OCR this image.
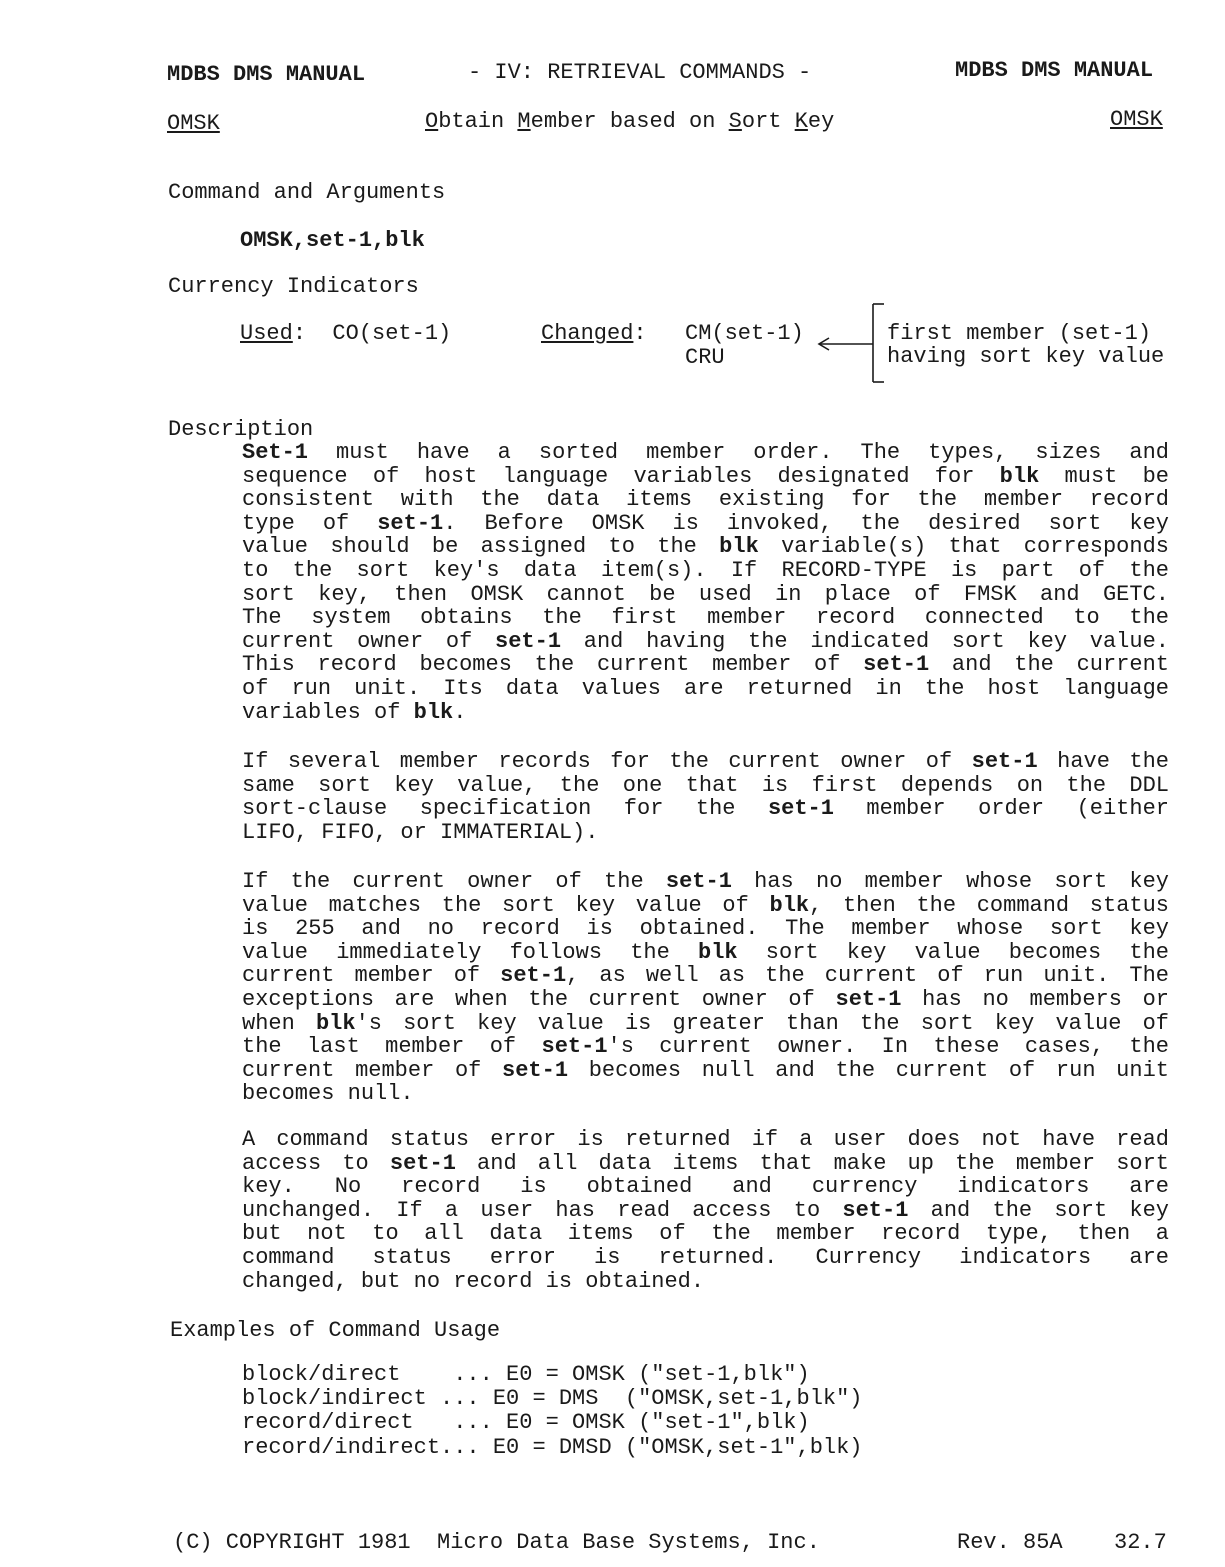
MDBS DMS MANUAL	- IV: RETRIEVAL COMMANDS -	MDBS DMS MANUAL
OMSK	Obtain Member based on Sort Key	OMSK
Command and Arguments
OMSK,set-1,blk
Currency Indicators
Used:  CO(set-1)	Changed: CM(set-1)
CRU
first member (set-1)
having sort key value
Description
Set-1 must have a sorted member order. The types, sizes and
sequence of host language variables designated for blk must be
consistent with the data items existing for the member record
type of set-1. Before OMSK is invoked, the desired sort key
value should be assigned to the blk variable(s) that corresponds
to the sort key's data item(s). If RECORD-TYPE is part of the
sort key, then OMSK cannot be used in place of FMSK and GETC.
The system obtains the first member record connected to the
current owner of set-1 and having the indicated sort key value.
This record becomes the current member of set-1 and the current
of run unit. Its data values are returned in the host language
variables of blk.
If several member records for the current owner of set-1 have the
same sort key value, the one that is first depends on the DDL
sort-clause specification for the set-1 member order (either
LIFO, FIFO, or IMMATERIAL).
If the current owner of the set-1 has no member whose sort key
value matches the sort key value of blk, then the command status
is 255 and no record is obtained. The member whose sort key
value immediately follows the blk sort key value becomes the
current member of set-1, as well as the current of run unit. The
exceptions are when the current owner of set-1 has no members or
when blk's sort key value is greater than the sort key value of
the last member of set-1's current owner. In these cases, the
current member of set-1 becomes null and the current of run unit
becomes null.
A command status error is returned if a user does not have read
access to set-1 and all data items that make up the member sort
key. No record is obtained and currency indicators are
unchanged. If a user has read access to set-1 and the sort key
but not to all data items of the member record type, then a
command status error is returned. Currency indicators are
changed, but no record is obtained.
Examples of Command Usage
block/direct    ... E0 = OMSK ("set-1,blk")
block/indirect ... E0 = DMS  ("OMSK,set-1,blk")
record/direct   ... E0 = OMSK ("set-1",blk)
record/indirect... E0 = DMSD ("OMSK,set-1",blk)
(C) COPYRIGHT 1981  Micro Data Base Systems, Inc.	Rev. 85A 32.7
